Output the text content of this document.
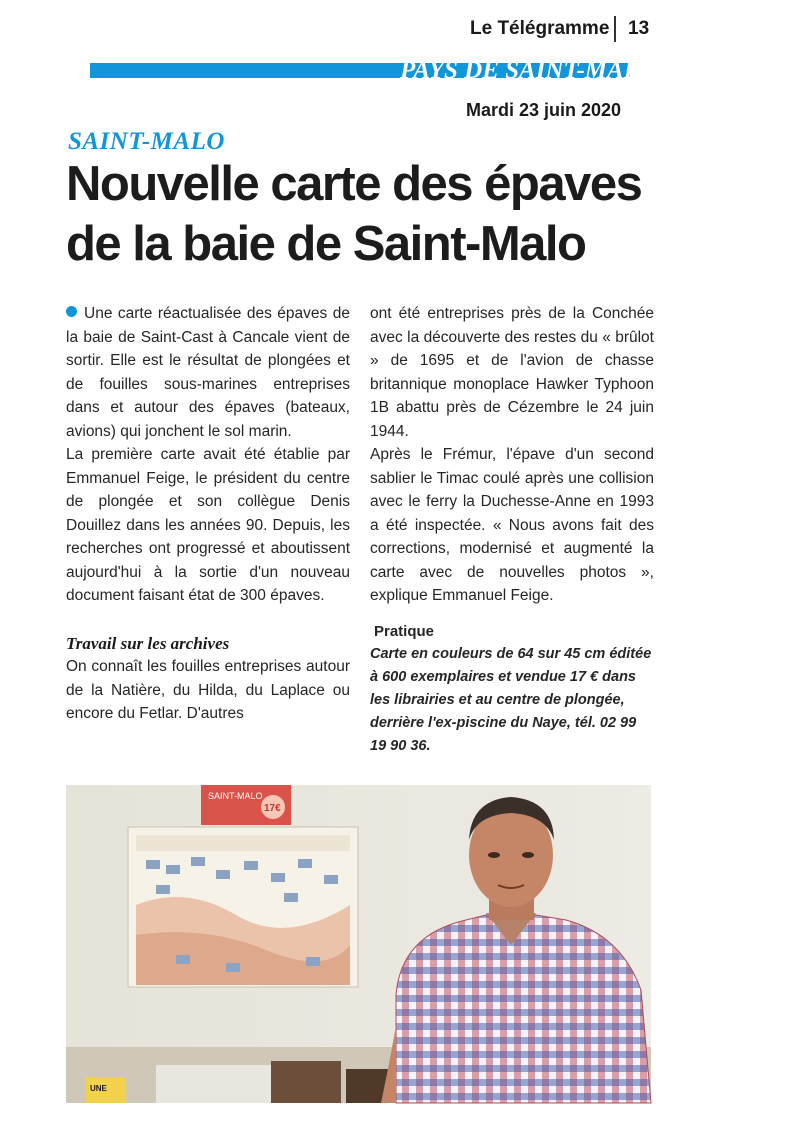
Le Télégramme 13
PAYS DE SAINT-MALO
Mardi 23 juin 2020
SAINT-MALO
Nouvelle carte des épaves
de la baie de Saint-Malo

Une carte réactualisée des épaves de la baie de Saint-Cast à Cancale vient de sortir. Elle est le résultat de plongées et de fouilles sous-marines entreprises dans et autour des épaves (bateaux, avions) qui jonchent le sol marin.

La première carte avait été établie par Emmanuel Feige, le président du centre de plongée et son collègue Denis Douillez dans les années 90. Depuis, les recherches ont progressé et aboutissent aujourd'hui à la sortie d'un nouveau document faisant état de 300 épaves.

Travail sur les archives

On connaît les fouilles entreprises autour de la Natière, du Hilda, du Laplace ou encore du Fetlar. D'autres

ont été entreprises près de la Conchée avec la découverte des restes du « brûlot » de 1695 et de l'avion de chasse britannique monoplace Hawker Typhoon 1B abattu près de Cézembre le 24 juin 1944.

Après le Frémur, l'épave d'un second sablier le Timac coulé après une collision avec le ferry la Duchesse-Anne en 1993 a été inspectée. « Nous avons fait des corrections, modernisé et augmenté la carte avec de nouvelles photos », explique Emmanuel Feige.

Pratique
Carte en couleurs de 64 sur 45 cm éditée à 600 exemplaires et vendue 17 € dans les librairies et au centre de plongée, derrière l'ex-piscine du Naye, tél. 02 99 19 90 36.
SAINT-MALO
17€
UNE
